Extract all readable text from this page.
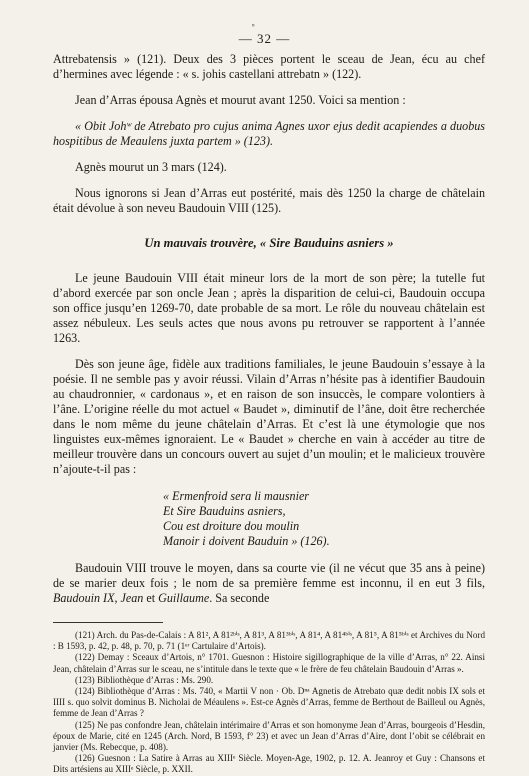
∘
— 32 —

Attrebatensis » (121). Deux des 3 pièces portent le sceau de Jean, écu au chef d’hermines avec légende : « s. johis castellani attrebatn » (122).

Jean d’Arras épousa Agnès et mourut avant 1250. Voici sa mention :

« Obit Johʷ de Atrebato pro cujus anima Agnes uxor ejus dedit acapiendes a duobus hospitibus de Meaulens juxta partem » (123).

Agnès mourut un 3 mars (124).

Nous ignorons si Jean d’Arras eut postérité, mais dès 1250 la charge de châtelain était dévolue à son neveu Baudouin VIII (125).

Un mauvais trouvère, « Sire Bauduins asniers »

Le jeune Baudouin VIII était mineur lors de la mort de son père; la tutelle fut d’abord exercée par son oncle Jean ; après la disparition de celui-ci, Baudouin occupa son office jusqu’en 1269-70, date probable de sa mort. Le rôle du nouveau châtelain est assez nébuleux. Les seuls actes que nous avons pu retrouver se rapportent à l’année 1263.

Dès son jeune âge, fidèle aux traditions familiales, le jeune Baudouin s’essaye à la poésie. Il ne semble pas y avoir réussi. Vilain d’Arras n’hésite pas à identifier Baudouin au chaudronnier, « cardonaus », et en raison de son insuccès, le compare volontiers à l’âne. L’origine réelle du mot actuel « Baudet », diminutif de l’âne, doit être recherchée dans le nom même du jeune châtelain d’Arras. Et c’est là une étymologie que nos linguistes eux-mêmes ignoraient. Le « Baudet » cherche en vain à accéder au titre de meilleur trouvère dans un concours ouvert au sujet d’un moulin; et le malicieux trouvère n’ajoute-t-il pas :

« Ermenfroid sera li mausnier
Et Sire Bauduins asniers,
Cou est droiture dou moulin
Manoir i doivent Bauduin » (126).

Baudouin VIII trouve le moyen, dans sa courte vie (il ne vécut que 35 ans à peine) de se marier deux fois ; le nom de sa première femme est inconnu, il en eut 3 fils, Baudouin IX, Jean et Guillaume. Sa seconde

(121) Arch. du Pas-de-Calais : A 81², A 81²ᵇⁱˢ, A 81³, A 81³ᵇⁱˢ, A 81⁴, A 81⁴ᵇⁱˢ, A 81⁵, A 81⁵ᵇⁱˢ et Archives du Nord : B 1593, p. 42, p. 48, p. 70, p. 71 (1ᵉʳ Cartulaire d’Artois).

(122) Demay : Sceaux d’Artois, n° 1701. Guesnon : Histoire sigillographique de la ville d’Arras, n° 22. Ainsi Jean, châtelain d’Arras sur le sceau, ne s’intitule dans le texte que « le frère de feu châtelain Baudouin d’Arras ».

(123) Bibliothèque d’Arras : Ms. 290.

(124) Bibliothèque d’Arras : Ms. 740, « Martii V non · Ob. Dⁿᵃ Agnetis de Atrebato quæ dedit nobis IX sols et IIII s. quo solvit dominus B. Nicholai de Méaulens ». Est-ce Agnès d’Arras, femme de Berthout de Bailleul ou Agnès, femme de Jean d’Arras ?

(125) Ne pas confondre Jean, châtelain intérimaire d’Arras et son homonyme Jean d’Arras, bourgeois d’Hesdin, époux de Marie, cité en 1245 (Arch. Nord, B 1593, f° 23) et avec un Jean d’Arras d’Aire, dont l’obit se célébrait en janvier (Ms. Rebecque, p. 408).

(126) Guesnon : La Satire à Arras au XIIIᵉ Siècle. Moyen-Age, 1902, p. 12. A. Jeanroy et Guy : Chansons et Dits artésiens au XIIIᵉ Siècle, p. XXII.
